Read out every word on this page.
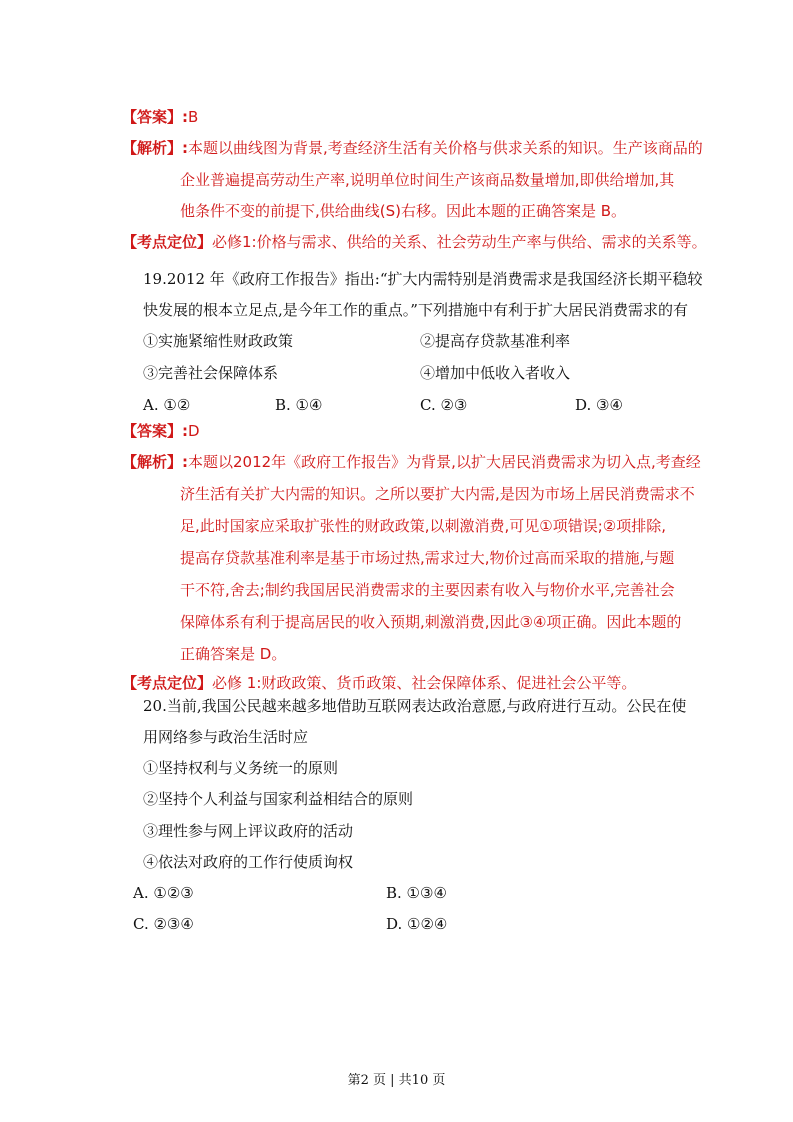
【答案】:B
【解析】:本题以曲线图为背景,考查经济生活有关价格与供求关系的知识。生产该商品的
企业普遍提高劳动生产率,说明单位时间生产该商品数量增加,即供给增加,其
他条件不变的前提下,供给曲线(S)右移。因此本题的正确答案是 B。
【考点定位】必修1:价格与需求、供给的关系、社会劳动生产率与供给、需求的关系等。
19.2012 年《政府工作报告》指出:“扩大内需特别是消费需求是我国经济长期平稳较
快发展的根本立足点,是今年工作的重点。”下列措施中有利于扩大居民消费需求的有
①实施紧缩性财政政策	②提高存贷款基准利率
③完善社会保障体系	④增加中低收入者收入
A. ①②	B. ①④	C. ②③	D. ③④
【答案】:D
【解析】:本题以2012年《政府工作报告》为背景,以扩大居民消费需求为切入点,考查经
济生活有关扩大内需的知识。之所以要扩大内需,是因为市场上居民消费需求不
足,此时国家应采取扩张性的财政政策,以刺激消费,可见①项错误;②项排除,
提高存贷款基准利率是基于市场过热,需求过大,物价过高而采取的措施,与题
干不符,舍去;制约我国居民消费需求的主要因素有收入与物价水平,完善社会
保障体系有利于提高居民的收入预期,刺激消费,因此③④项正确。因此本题的
正确答案是 D。
【考点定位】必修 1:财政政策、货币政策、社会保障体系、促进社会公平等。
20.当前,我国公民越来越多地借助互联网表达政治意愿,与政府进行互动。公民在使
用网络参与政治生活时应
①坚持权利与义务统一的原则
②坚持个人利益与国家利益相结合的原则
③理性参与网上评议政府的活动
④依法对政府的工作行使质询权
A. ①②③	B. ①③④
C. ②③④	D. ①②④
第2 页 | 共10 页
